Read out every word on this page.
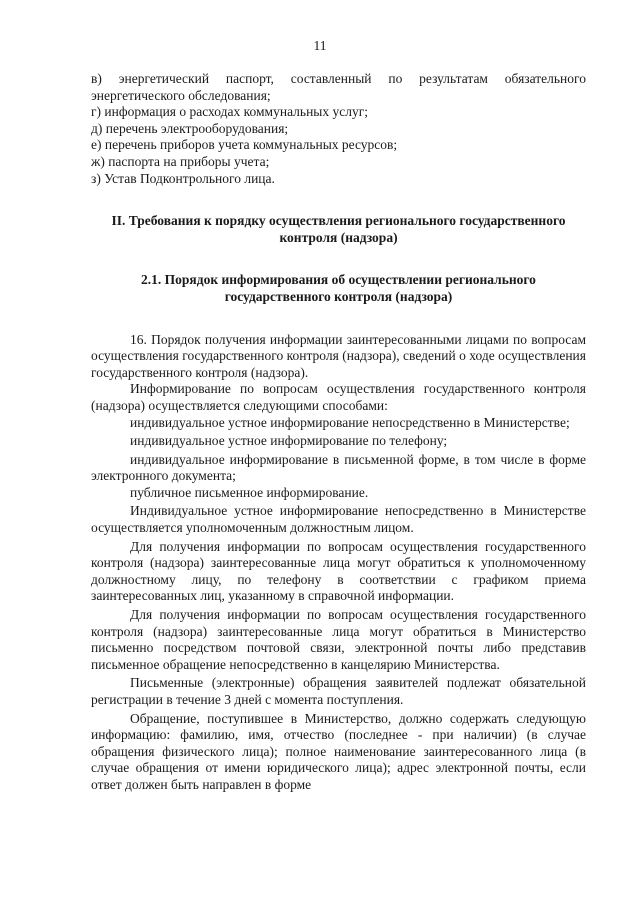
11

в) энергетический паспорт, составленный по результатам обязательного энергетического обследования;

г) информация о расходах коммунальных услуг;

д) перечень электрооборудования;

е) перечень приборов учета коммунальных ресурсов;

ж) паспорта на приборы учета;

з) Устав Подконтрольного лица.

II. Требования к порядку осуществления регионального государственного контроля (надзора)

2.1. Порядок информирования об осуществлении регионального государственного контроля (надзора)

16. Порядок получения информации заинтересованными лицами по вопросам осуществления государственного контроля (надзора), сведений о ходе осуществления государственного контроля (надзора).

Информирование по вопросам осуществления государственного контроля (надзора) осуществляется следующими способами:

индивидуальное устное информирование непосредственно в Министерстве;

индивидуальное устное информирование по телефону;

индивидуальное информирование в письменной форме, в том числе в форме электронного документа;

публичное письменное информирование.

Индивидуальное устное информирование непосредственно в Министерстве осуществляется уполномоченным должностным лицом.

Для получения информации по вопросам осуществления государственного контроля (надзора) заинтересованные лица могут обратиться к уполномоченному должностному лицу, по телефону в соответствии с графиком приема заинтересованных лиц, указанному в справочной информации.

Для получения информации по вопросам осуществления государственного контроля (надзора) заинтересованные лица могут обратиться в Министерство письменно посредством почтовой связи, электронной почты либо представив письменное обращение непосредственно в канцелярию Министерства.

Письменные (электронные) обращения заявителей подлежат обязательной регистрации в течение 3 дней с момента поступления.

Обращение, поступившее в Министерство, должно содержать следующую информацию: фамилию, имя, отчество (последнее - при наличии) (в случае обращения физического лица); полное наименование заинтересованного лица (в случае обращения от имени юридического лица); адрес электронной почты, если ответ должен быть направлен в форме
